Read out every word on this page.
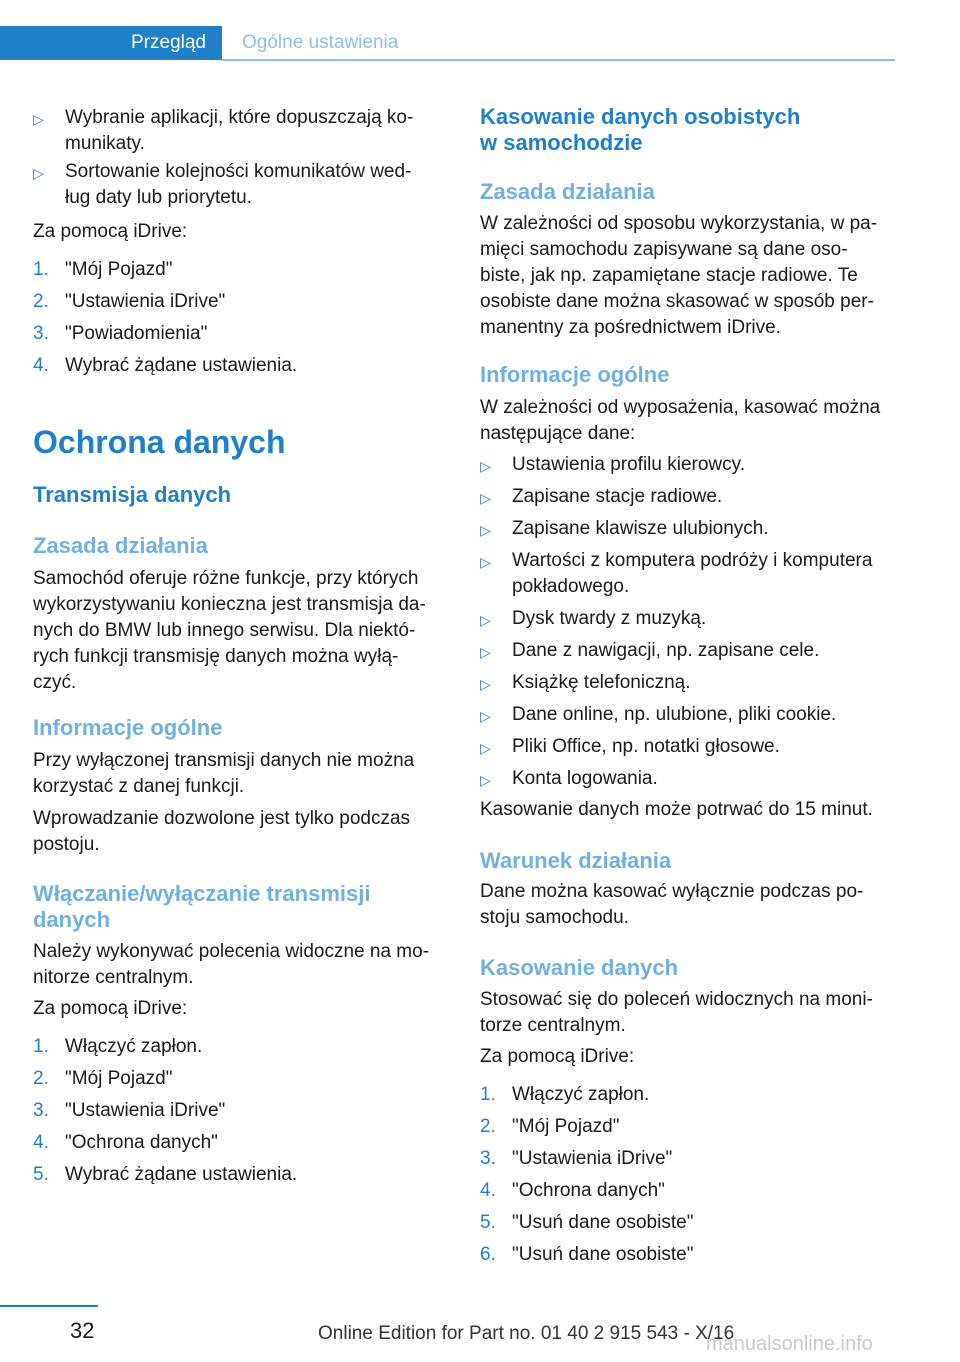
Przegląd	Ogólne ustawienia
▷	Wybranie aplikacji, które dopuszczają ko-
munikaty.
▷	Sortowanie kolejności komunikatów wed-
ług daty lub priorytetu.

Za pomocą iDrive:

1. "Mój Pojazd"
2. "Ustawienia iDrive"
3. "Powiadomienia"
4. Wybrać żądane ustawienia.
Ochrona danych
Transmisja danych
Zasada działania

Samochód oferuje różne funkcje, przy których
wykorzystywaniu konieczna jest transmisja da-
nych do BMW lub innego serwisu. Dla niektó-
rych funkcji transmisję danych można wyłą-
czyć.

Informacje ogólne

Przy wyłączonej transmisji danych nie można
korzystać z danej funkcji.

Wprowadzanie dozwolone jest tylko podczas
postoju.

Włączanie/wyłączanie transmisji
danych

Należy wykonywać polecenia widoczne na mo-
nitorze centralnym.

Za pomocą iDrive:

1. Włączyć zapłon.
2. "Mój Pojazd"
3. "Ustawienia iDrive"
4. "Ochrona danych"
5. Wybrać żądane ustawienia.
Kasowanie danych osobistych
w samochodzie
Zasada działania

W zależności od sposobu wykorzystania, w pa-
mięci samochodu zapisywane są dane oso-
biste, jak np. zapamiętane stacje radiowe. Te
osobiste dane można skasować w sposób per-
manentny za pośrednictwem iDrive.

Informacje ogólne

W zależności od wyposażenia, kasować można
następujące dane:

▷	Ustawienia profilu kierowcy.
▷	Zapisane stacje radiowe.
▷	Zapisane klawisze ulubionych.
▷	Wartości z komputera podróży i komputera
pokładowego.
▷	Dysk twardy z muzyką.
▷	Dane z nawigacji, np. zapisane cele.
▷	Książkę telefoniczną.
▷	Dane online, np. ulubione, pliki cookie.
▷	Pliki Office, np. notatki głosowe.
▷	Konta logowania.

Kasowanie danych może potrwać do 15 minut.

Warunek działania

Dane można kasować wyłącznie podczas po-
stoju samochodu.

Kasowanie danych

Stosować się do poleceń widocznych na moni-
torze centralnym.

Za pomocą iDrive:

1. Włączyć zapłon.
2. "Mój Pojazd"
3. "Ustawienia iDrive"
4. "Ochrona danych"
5. "Usuń dane osobiste"
6. "Usuń dane osobiste"
32	Online Edition for Part no. 01 40 2 915 543 - X/16
manualsonline.info
